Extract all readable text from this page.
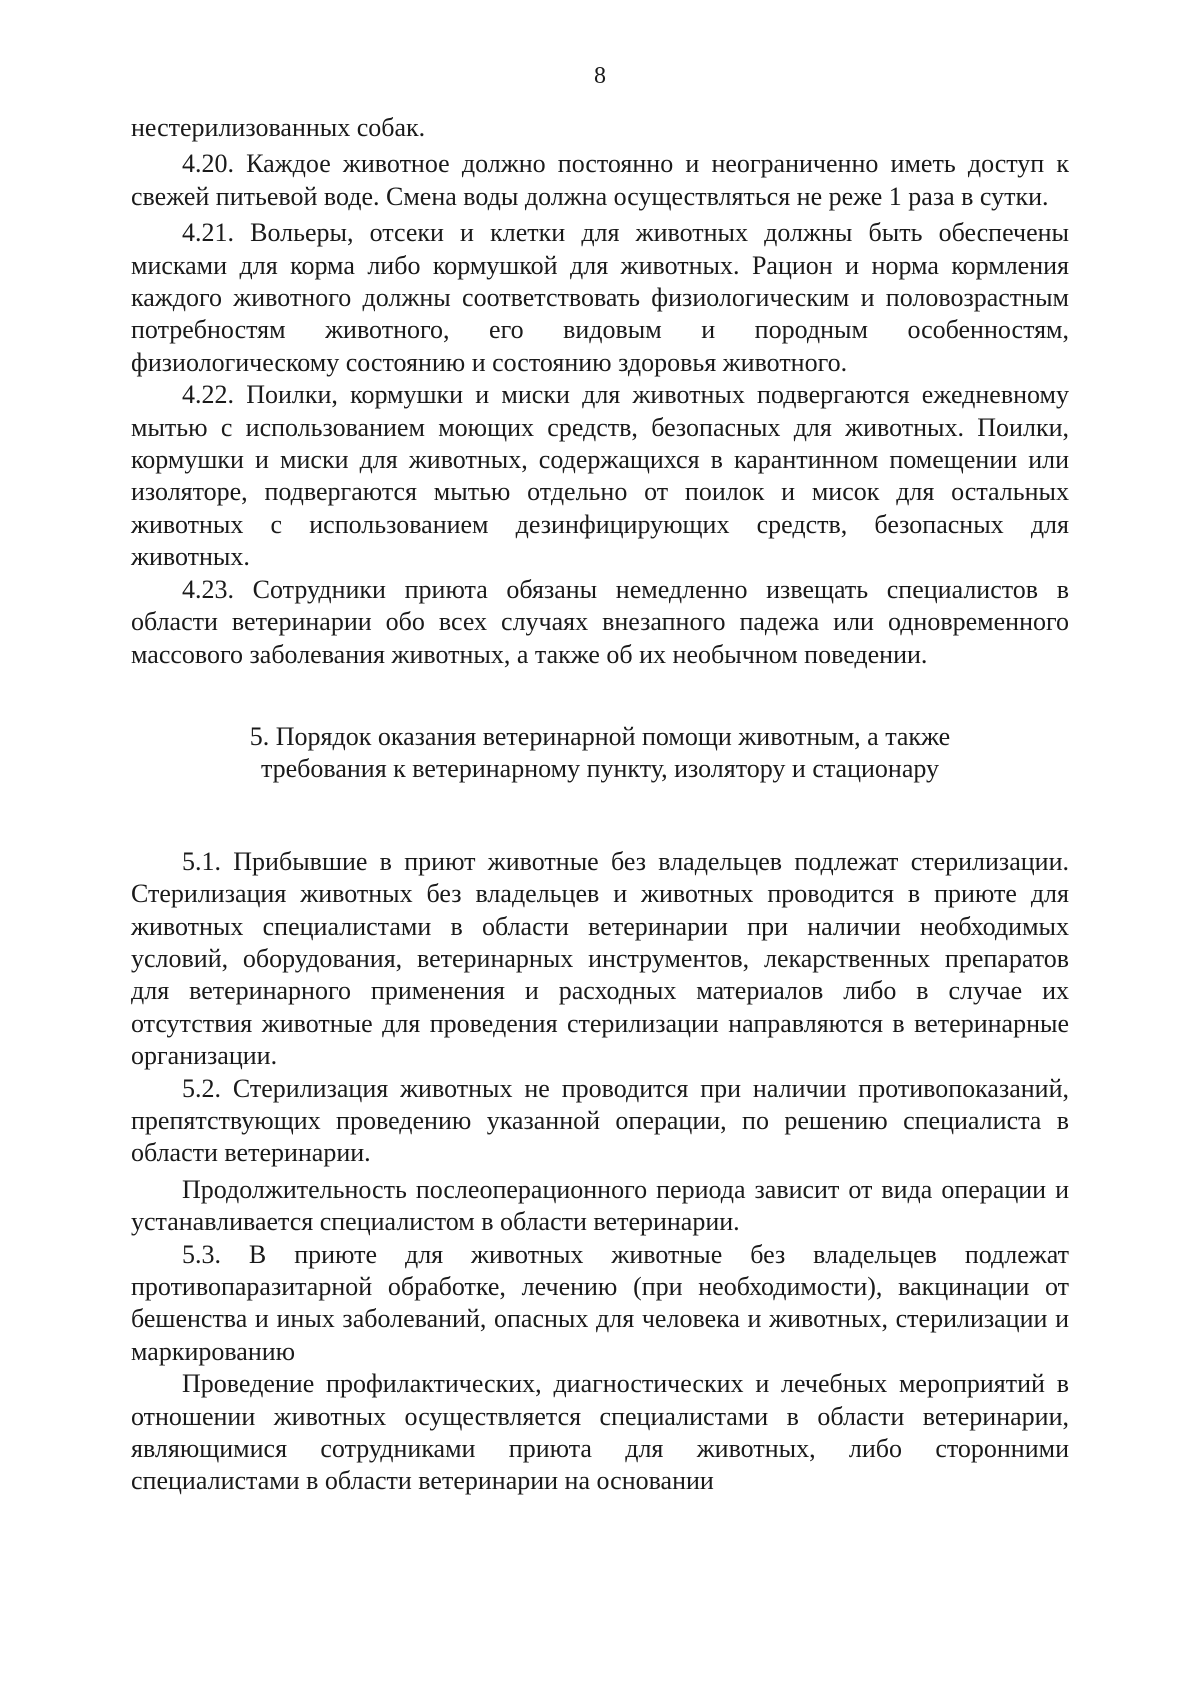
8

нестерилизованных собак.

4.20. Каждое животное должно постоянно и неограниченно иметь доступ к свежей питьевой воде. Смена воды должна осуществляться не реже 1 раза в сутки.

4.21. Вольеры, отсеки и клетки для животных должны быть обеспечены мисками для корма либо кормушкой для животных. Рацион и норма кормления каждого животного должны соответствовать физиологическим и половозрастным потребностям животного, его видовым и породным особенностям, физиологическому состоянию и состоянию здоровья животного.

4.22. Поилки, кормушки и миски для животных подвергаются ежедневному мытью с использованием моющих средств, безопасных для животных. Поилки, кормушки и миски для животных, содержащихся в карантинном помещении или изоляторе, подвергаются мытью отдельно от поилок и мисок для остальных животных с использованием дезинфицирующих средств, безопасных для животных.

4.23. Сотрудники приюта обязаны немедленно извещать специалистов в области ветеринарии обо всех случаях внезапного падежа или одновременного массового заболевания животных, а также об их необычном поведении.

5. Порядок оказания ветеринарной помощи животным, а также
требования к ветеринарному пункту, изолятору и стационару

5.1. Прибывшие в приют животные без владельцев подлежат стерилизации. Стерилизация животных без владельцев и животных проводится в приюте для животных специалистами в области ветеринарии при наличии необходимых условий, оборудования, ветеринарных инструментов, лекарственных препаратов для ветеринарного применения и расходных материалов либо в случае их отсутствия животные для проведения стерилизации направляются в ветеринарные организации.

5.2. Стерилизация животных не проводится при наличии противопоказаний, препятствующих проведению указанной операции, по решению специалиста в области ветеринарии.

Продолжительность послеоперационного периода зависит от вида операции и устанавливается специалистом в области ветеринарии.

5.3. В приюте для животных животные без владельцев подлежат противопаразитарной обработке, лечению (при необходимости), вакцинации от бешенства и иных заболеваний, опасных для человека и животных, стерилизации и маркированию

Проведение профилактических, диагностических и лечебных мероприятий в отношении животных осуществляется специалистами в области ветеринарии, являющимися сотрудниками приюта для животных, либо сторонними специалистами в области ветеринарии на основании
